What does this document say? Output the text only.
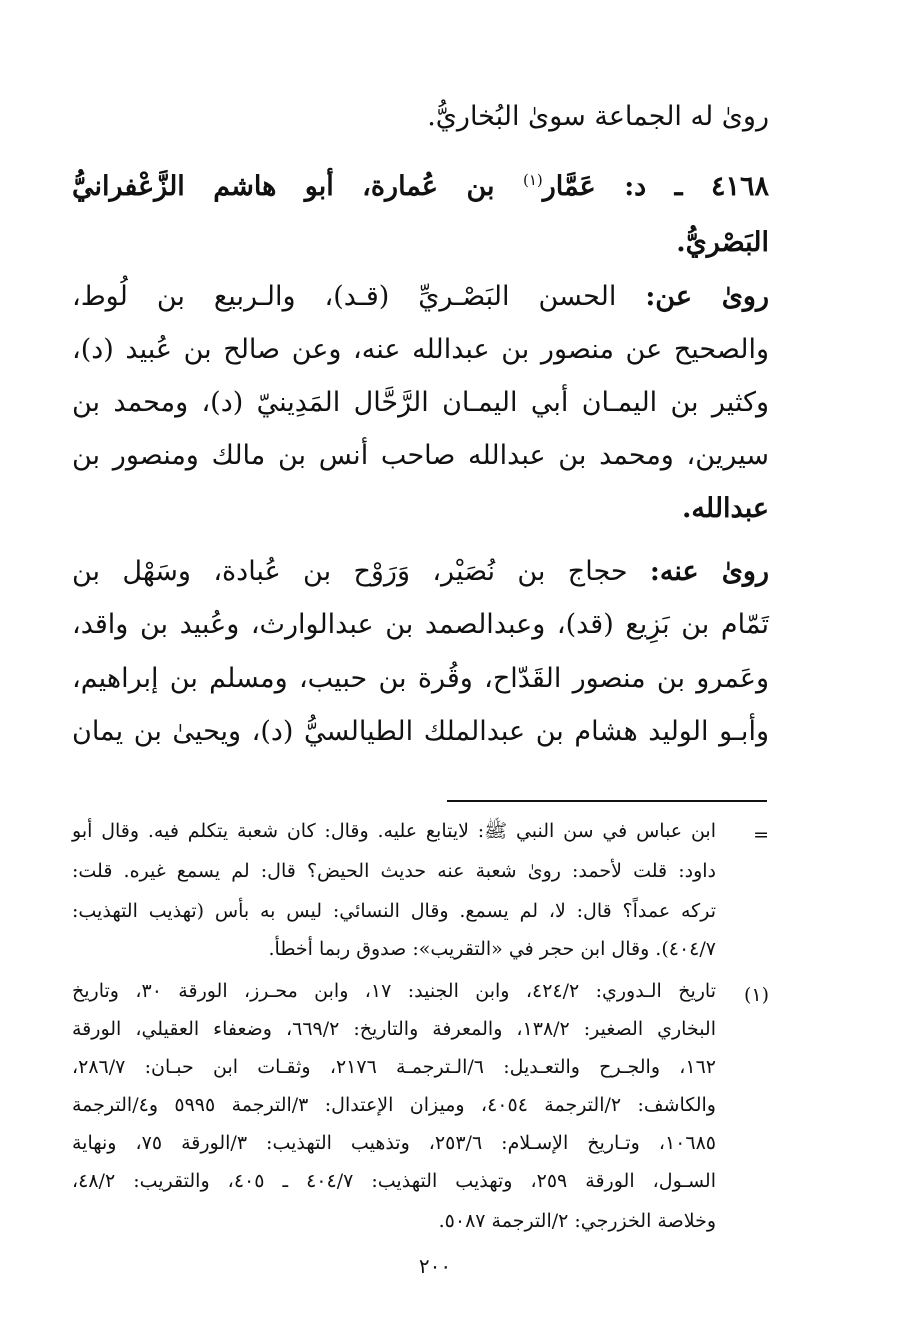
رویٰ له الجماعة سوىٰ البُخاريُّ.
٤١٦٨ ـ د: عَمَّار$^{(١)}$ بن عُمارة، أبو هاشم الزَّعْفرانيُّ
البَصْريُّ.
رویٰ عن: الحسن البَصْـريِّ (قـد)، والـربيع بن لُوط،
والصحيح عن منصور بن عبدالله عنه، وعن صالح بن عُبيد (د)،
وكثير بن اليمـان أبي اليمـان الرَّحَّال المَدِينيّ (د)، ومحمد بن
سيرين، ومحمد بن عبدالله صاحب أنس بن مالك ومنصور بن
عبدالله.
رویٰ عنه: حجاج بن نُصَيْر، وَرَوْح بن عُبادة، وسَهْل بن
تَمّام بن بَزِيع (قد)، وعبدالصمد بن عبدالوارث، وعُبيد بن واقد،
وعَمرو بن منصور القَدّاح، وقُرة بن حبيب، ومسلم بن إبراهيم،
وأبـو الوليد هشام بن عبدالملك الطيالسيُّ (د)، ويحيىٰ بن يمان
=
ابن عباس في سن النبي ﷺ: لايتابع عليه. وقال: كان شعبة يتكلم فيه. وقال أبو
داود: قلت لأحمد: روىٰ شعبة عنه حديث الحيض؟ قال: لم يسمع غيره. قلت:
تركه عمداً؟ قال: لا، لم يسمع. وقال النسائي: ليس به بأس (تهذيب التهذيب:
٤٠٤/٧). وقال ابن حجر في «التقريب»: صدوق ربما أخطأ.
(١)
تاريخ الـدوري: ٤٢٤/٢، وابن الجنيد: ١٧، وابن محـرز، الورقة ٣٠، وتاريخ
البخاري الصغير: ١٣٨/٢، والمعرفة والتاريخ: ٦٦٩/٢، وضعفاء العقيلي، الورقة
١٦٢، والجـرح والتعـديل: ٦/الـترجمـة ٢١٧٦، وثقـات ابن حبـان: ٢٨٦/٧،
والكاشف: ٢/الترجمة ٤٠٥٤، وميزان الإعتدال: ٣/الترجمة ٥٩٩٥ و٤/الترجمة
١٠٦٨٥، وتـاريخ الإسـلام: ٢٥٣/٦، وتذهيب التهذيب: ٣/الورقة ٧٥، ونهاية
السـول، الورقة ٢٥٩، وتهذيب التهذيب: ٤٠٤/٧ ـ ٤٠٥، والتقريب: ٤٨/٢،
وخلاصة الخزرجي: ٢/الترجمة ٥٠٨٧.
٢٠٠
